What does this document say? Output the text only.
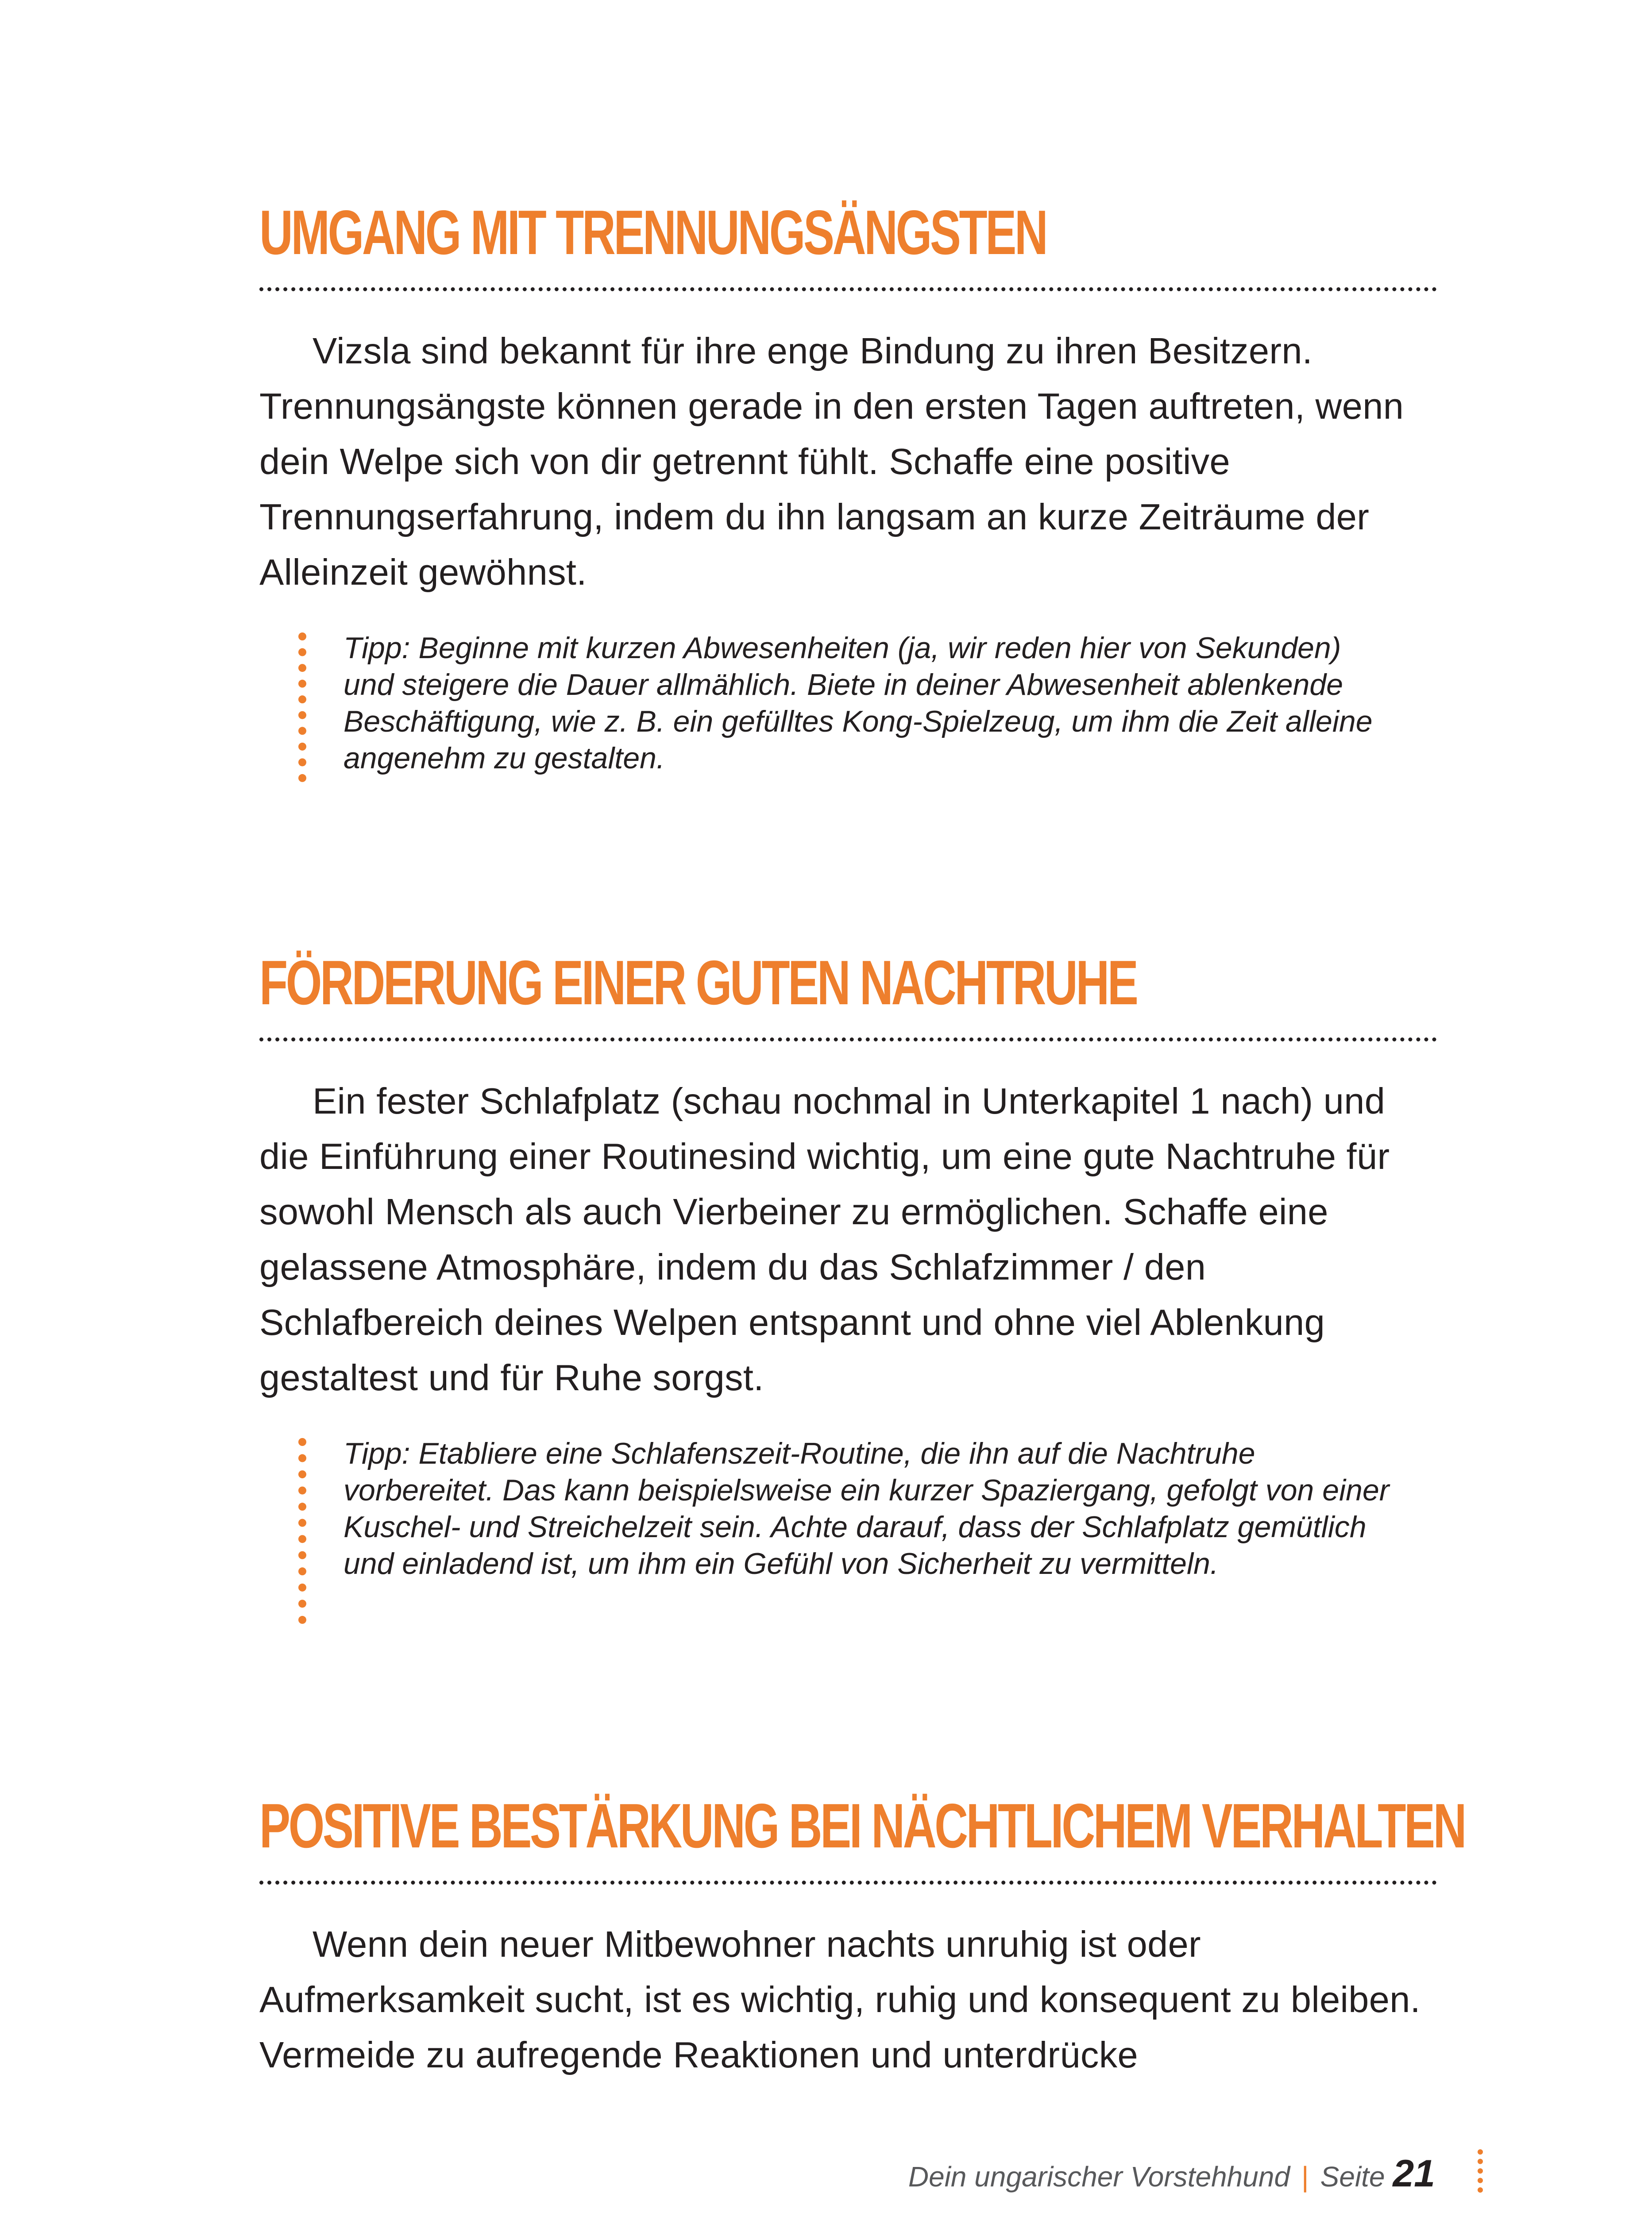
UMGANG MIT TRENNUNGSÄNGSTEN

Vizsla sind bekannt für ihre enge Bindung zu ihren Besitzern. Trennungsängste können gerade in den ersten Tagen auftreten, wenn dein Welpe sich von dir getrennt fühlt. Schaffe eine positive Trennungserfahrung, indem du ihn langsam an kurze Zeiträume der Alleinzeit gewöhnst.

Tipp: Beginne mit kurzen Abwesenheiten (ja, wir reden hier von Sekunden) und steigere die Dauer allmählich. Biete in deiner Abwesenheit ablenkende Beschäftigung, wie z. B. ein gefülltes Kong-Spielzeug, um ihm die Zeit alleine angenehm zu gestalten.

FÖRDERUNG EINER GUTEN NACHTRUHE

Ein fester Schlafplatz (schau nochmal in Unterkapitel 1 nach) und die Einführung einer Routinesind wichtig, um eine gute Nachtruhe für sowohl Mensch als auch Vierbeiner zu ermöglichen. Schaffe eine gelassene Atmosphäre, indem du das Schlafzimmer / den Schlafbereich deines Welpen entspannt und ohne viel Ablenkung gestaltest und für Ruhe sorgst.

Tipp: Etabliere eine Schlafenszeit-Routine, die ihn auf die Nachtruhe vorbereitet. Das kann beispielsweise ein kurzer Spaziergang, gefolgt von einer Kuschel- und Streichelzeit sein. Achte darauf, dass der Schlafplatz gemütlich und einladend ist, um ihm ein Gefühl von Sicherheit zu vermitteln.

POSITIVE BESTÄRKUNG BEI NÄCHTLICHEM VERHALTEN

Wenn dein neuer Mitbewohner nachts unruhig ist oder Aufmerksamkeit sucht, ist es wichtig, ruhig und konsequent zu bleiben. Vermeide zu aufregende Reaktionen und unterdrücke

Dein ungarischer Vorstehhund | Seite 21
